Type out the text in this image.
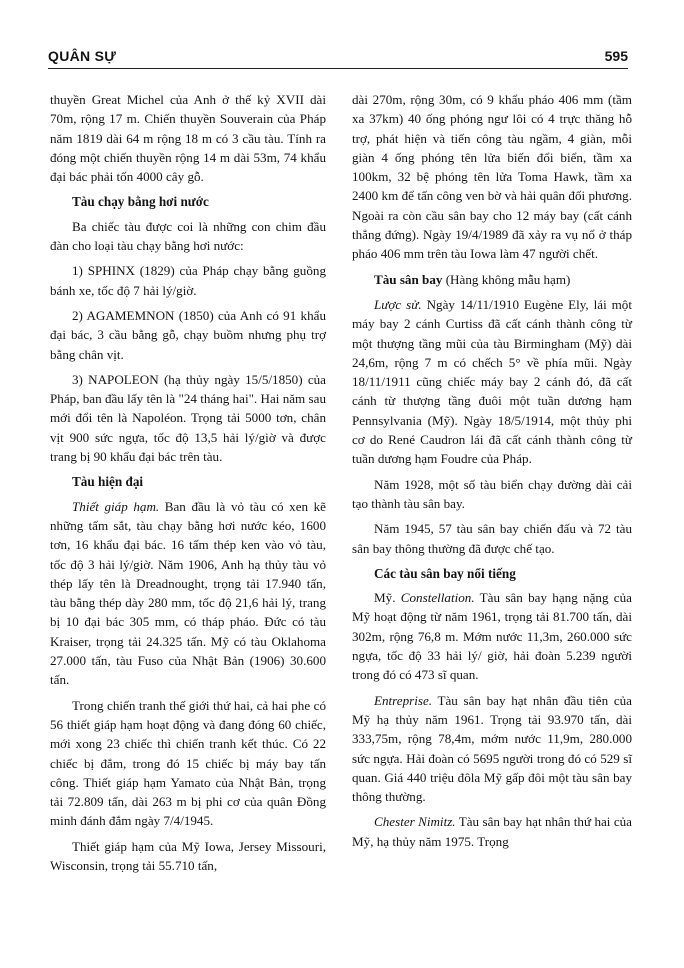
QUÂN SỰ	595

thuyền Great Michel của Anh ở thế kỷ XVII dài 70m, rộng 17 m. Chiến thuyền Souverain của Pháp năm 1819 dài 64 m rộng 18 m có 3 cầu tàu. Tính ra đóng một chiến thuyền rộng 14 m dài 53m, 74 khẩu đại bác phải tốn 4000 cây gỗ.

Tàu chạy bằng hơi nước

Ba chiếc tàu được coi là những con chim đầu đàn cho loại tàu chạy bằng hơi nước:

1) SPHINX (1829) của Pháp chạy bằng guồng bánh xe, tốc độ 7 hải lý/giờ.

2) AGAMEMNON (1850) của Anh có 91 khẩu đại bác, 3 cầu bằng gỗ, chạy buồm nhưng phụ trợ bằng chân vịt.

3) NAPOLEON (hạ thủy ngày 15/5/1850) của Pháp, ban đầu lấy tên là "24 tháng hai". Hai năm sau mới đổi tên là Napoléon. Trọng tải 5000 tơn, chân vịt 900 sức ngựa, tốc độ 13,5 hải lý/giờ và được trang bị 90 khẩu đại bác trên tàu.

Tàu hiện đại

Thiết giáp hạm. Ban đầu là vỏ tàu có xen kẽ những tấm sắt, tàu chạy bằng hơi nước kéo, 1600 tơn, 16 khẩu đại bác. 16 tấm thép ken vào vỏ tàu, tốc độ 3 hải lý/giờ. Năm 1906, Anh hạ thủy tàu vỏ thép lấy tên là Dreadnought, trọng tải 17.940 tấn, tàu bằng thép dày 280 mm, tốc độ 21,6 hải lý, trang bị 10 đại bác 305 mm, có tháp pháo. Đức có tàu Kraiser, trọng tải 24.325 tấn. Mỹ có tàu Oklahoma 27.000 tấn, tàu Fuso của Nhật Bản (1906) 30.600 tấn.

Trong chiến tranh thế giới thứ hai, cả hai phe có 56 thiết giáp hạm hoạt động và đang đóng 60 chiếc, mới xong 23 chiếc thì chiến tranh kết thúc. Có 22 chiếc bị đắm, trong đó 15 chiếc bị máy bay tấn công. Thiết giáp hạm Yamato của Nhật Bản, trọng tải 72.809 tấn, dài 263 m bị phi cơ của quân Đồng minh đánh đắm ngày 7/4/1945.

Thiết giáp hạm của Mỹ Iowa, Jersey Missouri, Wisconsin, trọng tải 55.710 tấn,

dài 270m, rộng 30m, có 9 khẩu pháo 406 mm (tầm xa 37km) 40 ống phóng ngư lôi có 4 trực thăng hỗ trợ, phát hiện và tiến công tàu ngầm, 4 giàn, mỗi giàn 4 ống phóng tên lửa biến đổi biển, tầm xa 100km, 32 bệ phóng tên lửa Toma Hawk, tầm xa 2400 km để tấn công ven bờ và hải quân đối phương. Ngoài ra còn cầu sân bay cho 12 máy bay (cất cánh thẳng đứng). Ngày 19/4/1989 đã xảy ra vụ nổ ở tháp pháo 406 mm trên tàu Iowa làm 47 người chết.

Tàu sân bay (Hàng không mẫu hạm)

Lược sử. Ngày 14/11/1910 Eugène Ely, lái một máy bay 2 cánh Curtiss đã cất cánh thành công từ một thượng tầng mũi của tàu Birmingham (Mỹ) dài 24,6m, rộng 7 m có chếch 5° về phía mũi. Ngày 18/11/1911 cũng chiếc máy bay 2 cánh đó, đã cất cánh từ thượng tầng đuôi một tuần dương hạm Pennsylvania (Mỹ). Ngày 18/5/1914, một thủy phi cơ do René Caudron lái đã cất cánh thành công từ tuần dương hạm Foudre của Pháp.

Năm 1928, một số tàu biển chạy đường dài cải tạo thành tàu sân bay.

Năm 1945, 57 tàu sân bay chiến đấu và 72 tàu sân bay thông thường đã được chế tạo.

Các tàu sân bay nổi tiếng

Mỹ. Constellation. Tàu sân bay hạng nặng của Mỹ hoạt động từ năm 1961, trọng tải 81.700 tấn, dài 302m, rộng 76,8 m. Mớm nước 11,3m, 260.000 sức ngựa, tốc độ 33 hải lý/ giờ, hải đoàn 5.239 người trong đó có 473 sĩ quan.

Entreprise. Tàu sân bay hạt nhân đầu tiên của Mỹ hạ thủy năm 1961. Trọng tải 93.970 tấn, dài 333,75m, rộng 78,4m, mớm nước 11,9m, 280.000 sức ngựa. Hải đoàn có 5695 người trong đó có 529 sĩ quan. Giá 440 triệu đôla Mỹ gấp đôi một tàu sân bay thông thường.

Chester Nimitz. Tàu sân bay hạt nhân thứ hai của Mỹ, hạ thủy năm 1975. Trọng
